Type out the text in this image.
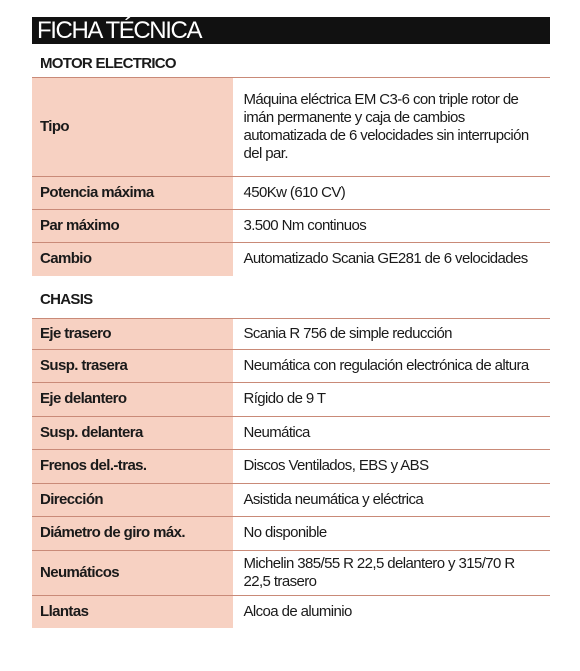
FICHA TÉCNICA
MOTOR ELECTRICO
Tipo	Máquina eléctrica EM C3-6 con triple rotor de imán permanente y caja de cambios automatizada de 6 velocidades sin interrupción del par.
Potencia máxima	450Kw (610 CV)
Par máximo	3.500 Nm continuos
Cambio	Automatizado Scania GE281 de 6 velocidades
CHASIS
Eje trasero	Scania R 756 de simple reducción
Susp. trasera	Neumática con regulación electrónica de altura
Eje delantero	Rígido de 9 T
Susp. delantera	Neumática
Frenos del.-tras.	Discos Ventilados, EBS y ABS
Dirección	Asistida neumática y eléctrica
Diámetro de giro máx.	No disponible
Neumáticos	Michelin 385/55 R 22,5 delantero y 315/70 R 22,5 trasero
Llantas	Alcoa de aluminio
